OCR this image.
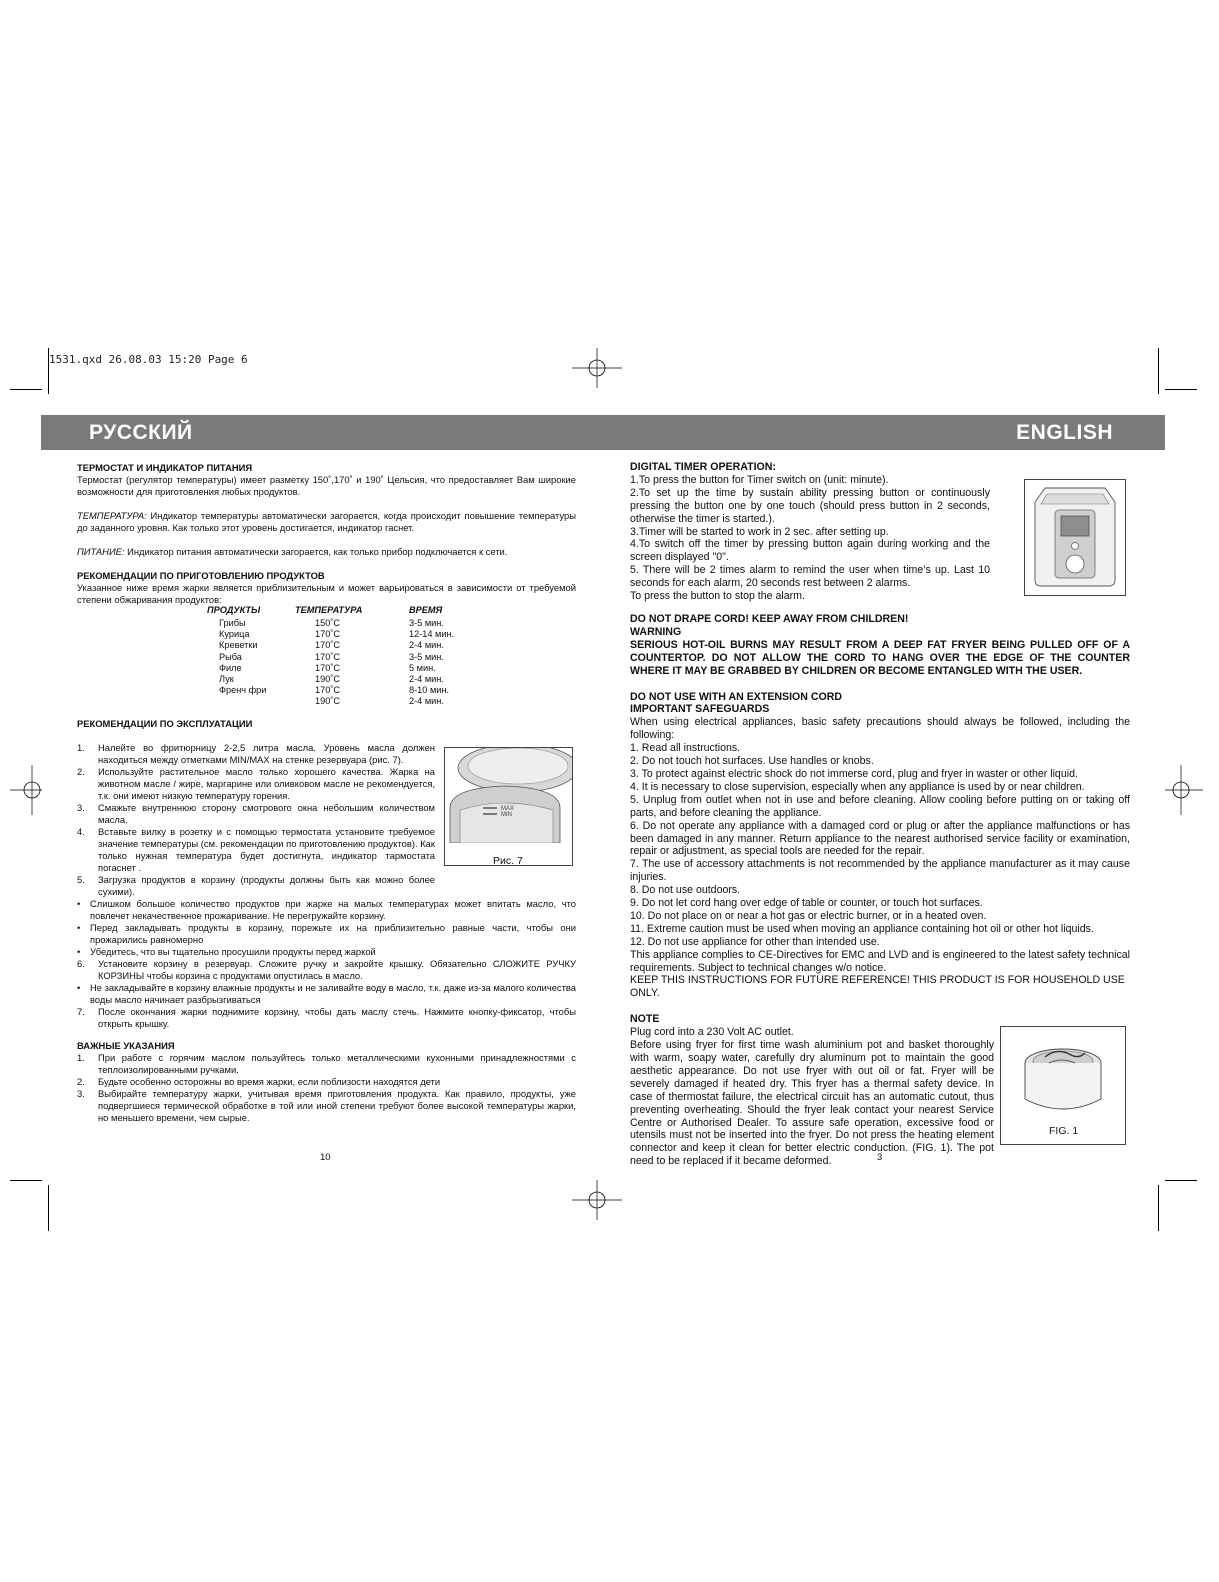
1531.qxd 26.08.03 15:20 Page 6
РУССКИЙ	ENGLISH

ТЕРМОСТАТ И ИНДИКАТОР ПИТАНИЯ

Термостат (регулятор температуры) имеет разметку 150˚,170˚ и 190˚ Цельсия, что предоставляет Вам широкие возможности для приготовления любых продуктов.

ТЕМПЕРАТУРА: Индикатор температуры автоматически загорается, когда происходит повышение температуры до заданного уровня. Как только этот уровень достигается, индикатор гаснет.

ПИТАНИЕ: Индикатор питания автоматически загорается, как только прибор подключается к сети.

РЕКОМЕНДАЦИИ ПО ПРИГОТОВЛЕНИЮ ПРОДУКТОВ

Указанное ниже время жарки является приблизительным и может варьироваться в зависимости от требуемой степени обжаривания продуктов:

ПРОДУКТЫ	ТЕМПЕРАТУРА	ВРЕМЯ
Грибы	150˚C	3-5 мин.
Курица	170˚C	12-14 мин.
Креветки	170˚C	2-4 мин.
Рыба	170˚C	3-5 мин.
Филе	170˚C	5 мин.
Лук	190˚C	2-4 мин.
Френч фри	170˚C	8-10 мин.
	190˚C	2-4 мин.

РЕКОМЕНДАЦИИ ПО ЭКСПЛУАТАЦИИ

MAX
MIN
Рис. 7
1. Налейте во фритюрницу 2-2,5 литра масла. Уровень масла должен находиться между отметками MIN/MAX на стенке резервуара (рис. 7).
2. Используйте растительное масло только хорошего качества. Жарка на животном масле / жире, маргарине или оливковом масле не рекомендуется, т.к. они имеют низкую температуру горения.
3. Смажьте внутреннюю сторону смотрового окна небольшим количеством масла.
4. Вставьте вилку в розетку и с помощью термостата установите требуемое значение температуры (см. рекомендации по приготовлению продуктов). Как только нужная температура будет достигнута, индикатор тармостата погаснет .
5. Загрузка продуктов в корзину (продукты должны быть как можно более сухими).
• Слишком большое количество продуктов при жарке на малых температурах может впитать масло, что повлечет некачественное прожаривание. Не перегружайте корзину.
• Перед закладывать продукты в корзину, порежьте их на приблизительно равные части, чтобы они прожарились равномерно
• Убедитесь, что вы тщательно просушили продукты перед жаркой
6. Установите корзину в резервуар. Сложите ручку и закройте крышку. Обязательно СЛОЖИТЕ РУЧКУ КОРЗИНЫ чтобы корзина с продуктами опустилась в масло.
• Не закладывайте в корзину влажные продукты и не заливайте воду в масло, т.к. даже из-за малого количества воды масло начинает разбрызгиваться
7. После окончания жарки поднимите корзину, чтобы дать маслу стечь. Нажмите кнопку-фиксатор, чтобы открыть крышку.

ВАЖНЫЕ УКАЗАНИЯ

1. При работе с горячим маслом пользуйтесь только металлическими кухонными принадлежностями с теплоизолированными ручками.
2. Будьте особенно осторожны во время жарки, если поблизости находятся дети
3. Выбирайте температуру жарки, учитывая время приготовления продукта. Как правило, продукты, уже подвергшиеся термической обработке в той или иной степени требуют более высокой температуры жарки, но меньшего времени, чем сырые.
10

DIGITAL TIMER OPERATION:

1.To press the button for Timer switch on (unit: minute).

2.To set up the time by sustain ability pressing button or continuously pressing the button one by one touch (should press button in 2 seconds, otherwise the timer is started.).

3.Timer will be started to work in 2 sec. after setting up.

4.To switch off the timer by pressing button again during working and the screen displayed "0".

5. There will be 2 times alarm to remind the user when time’s up. Last 10 seconds for each alarm, 20 seconds rest between 2 alarms.

To press the button to stop the alarm.

DO NOT DRAPE CORD! KEEP AWAY FROM CHILDREN!

WARNING

SERIOUS HOT-OIL BURNS MAY RESULT FROM A DEEP FAT FRYER BEING PULLED OFF OF A COUNTERTOP. DO NOT ALLOW THE CORD TO HANG OVER THE EDGE OF THE COUNTER WHERE IT MAY BE GRABBED BY CHILDREN OR BECOME ENTANGLED WITH THE USER.

DO NOT USE WITH AN EXTENSION CORD

IMPORTANT SAFEGUARDS

When using electrical appliances, basic safety precautions should always be followed, including the following:

1. Read all instructions.

2. Do not touch hot surfaces. Use handles or knobs.

3. To protect against electric shock do not immerse cord, plug and fryer in waster or other liquid.

4. It is necessary to close supervision, especially when any appliance is used by or near children.

5. Unplug from outlet when not in use and before cleaning. Allow cooling before putting on or taking off parts, and before cleaning the appliance.

6. Do not operate any appliance with a damaged cord or plug or after the appliance malfunctions or has been damaged in any manner. Return appliance to the nearest authorised service facility or examination, repair or adjustment, as special tools are needed for the repair.

7. The use of accessory attachments is not recommended by the appliance manufacturer as it may cause injuries.

8. Do not use outdoors.

9. Do not let cord hang over edge of table or counter, or touch hot surfaces.

10. Do not place on or near a hot gas or electric burner, or in a heated oven.

11. Extreme caution must be used when moving an appliance containing hot oil or other hot liquids.

12. Do not use appliance for other than intended use.

This appliance complies to CE-Directives for EMC and LVD and is engineered to the latest safety technical requirements. Subject to technical changes w/o notice.

KEEP THIS INSTRUCTIONS FOR FUTURE REFERENCE! THIS PRODUCT IS FOR HOUSEHOLD USE ONLY.

NOTE

Plug cord into a 230 Volt AC outlet.

Before using fryer for first time wash aluminium pot and basket thoroughly with warm, soapy water, carefully dry aluminum pot to maintain the good aesthetic appearance. Do not use fryer with out oil or fat. Fryer will be severely damaged if heated dry. This fryer has a thermal safety device. In case of thermostat failure, the electrical circuit has an automatic cutout, thus preventing overheating. Should the fryer leak contact your nearest Service Centre or Authorised Dealer. To assure safe operation, excessive food or utensils must not be inserted into the fryer. Do not press the heating element connector and keep it clean for better electric conduction. (FIG. 1). The pot need to be replaced if it became deformed.

FIG. 1
3
